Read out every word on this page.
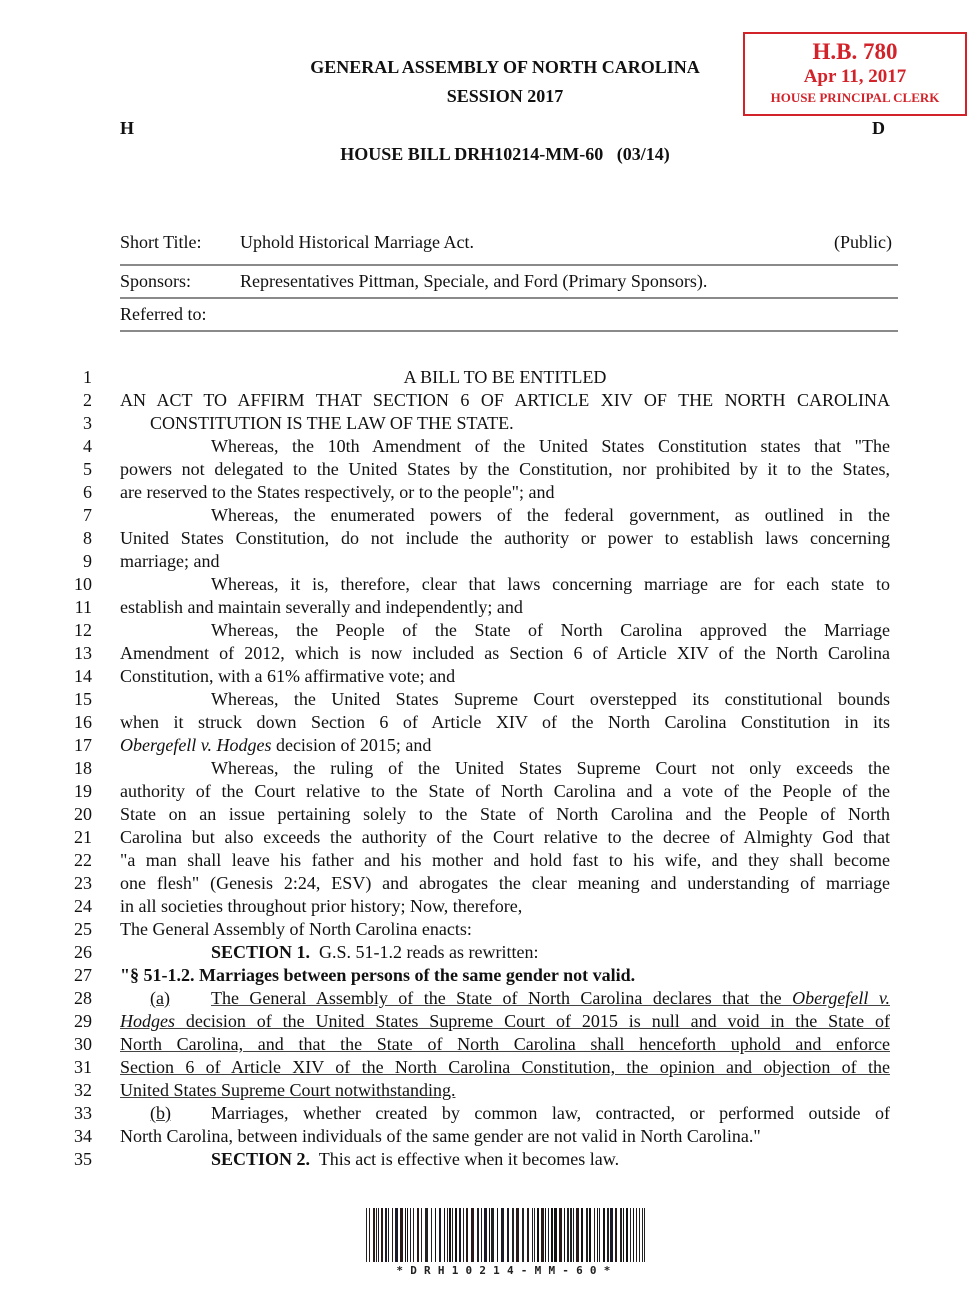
GENERAL ASSEMBLY OF NORTH CAROLINA
SESSION 2017
H	D
HOUSE BILL DRH10214-MM-60   (03/14)
H.B. 780
Apr 11, 2017
HOUSE PRINCIPAL CLERK
Short Title: Uphold Historical Marriage Act.	(Public)
Sponsors:	Representatives Pittman, Speciale, and Ford (Primary Sponsors).
Referred to:
1	A BILL TO BE ENTITLED
2 AN ACT TO AFFIRM THAT SECTION 6 OF ARTICLE XIV OF THE NORTH CAROLINA
3	CONSTITUTION IS THE LAW OF THE STATE.
4	Whereas, the 10th Amendment of the United States Constitution states that "The
5 powers not delegated to the United States by the Constitution, nor prohibited by it to the States,
6 are reserved to the States respectively, or to the people"; and
7	Whereas, the enumerated powers of the federal government, as outlined in the
8 United States Constitution, do not include the authority or power to establish laws concerning
9 marriage; and
10	Whereas, it is, therefore, clear that laws concerning marriage are for each state to
11 establish and maintain severally and independently; and
12	Whereas, the People of the State of North Carolina approved the Marriage
13 Amendment of 2012, which is now included as Section 6 of Article XIV of the North Carolina
14 Constitution, with a 61% affirmative vote; and
15	Whereas, the United States Supreme Court overstepped its constitutional bounds
16 when it struck down Section 6 of Article XIV of the North Carolina Constitution in its
17 Obergefell v. Hodges decision of 2015; and
18	Whereas, the ruling of the United States Supreme Court not only exceeds the
19 authority of the Court relative to the State of North Carolina and a vote of the People of the
20 State on an issue pertaining solely to the State of North Carolina and the People of North
21 Carolina but also exceeds the authority of the Court relative to the decree of Almighty God that
22 "a man shall leave his father and his mother and hold fast to his wife, and they shall become
23 one flesh" (Genesis 2:24, ESV) and abrogates the clear meaning and understanding of marriage
24 in all societies throughout prior history; Now, therefore,
25 The General Assembly of North Carolina enacts:
26	SECTION 1.  G.S. 51-1.2 reads as rewritten:
27 "§ 51-1.2. Marriages between persons of the same gender not valid.
28	(a) The General Assembly of the State of North Carolina declares that the Obergefell v.
29 Hodges decision of the United States Supreme Court of 2015 is null and void in the State of
30 North Carolina, and that the State of North Carolina shall henceforth uphold and enforce
31 Section 6 of Article XIV of the North Carolina Constitution, the opinion and objection of the
32 United States Supreme Court notwithstanding.
33	(b) Marriages, whether created by common law, contracted, or performed outside of
34 North Carolina, between individuals of the same gender are not valid in North Carolina."
35	SECTION 2.  This act is effective when it becomes law.
*DRH10214-MM-60*
